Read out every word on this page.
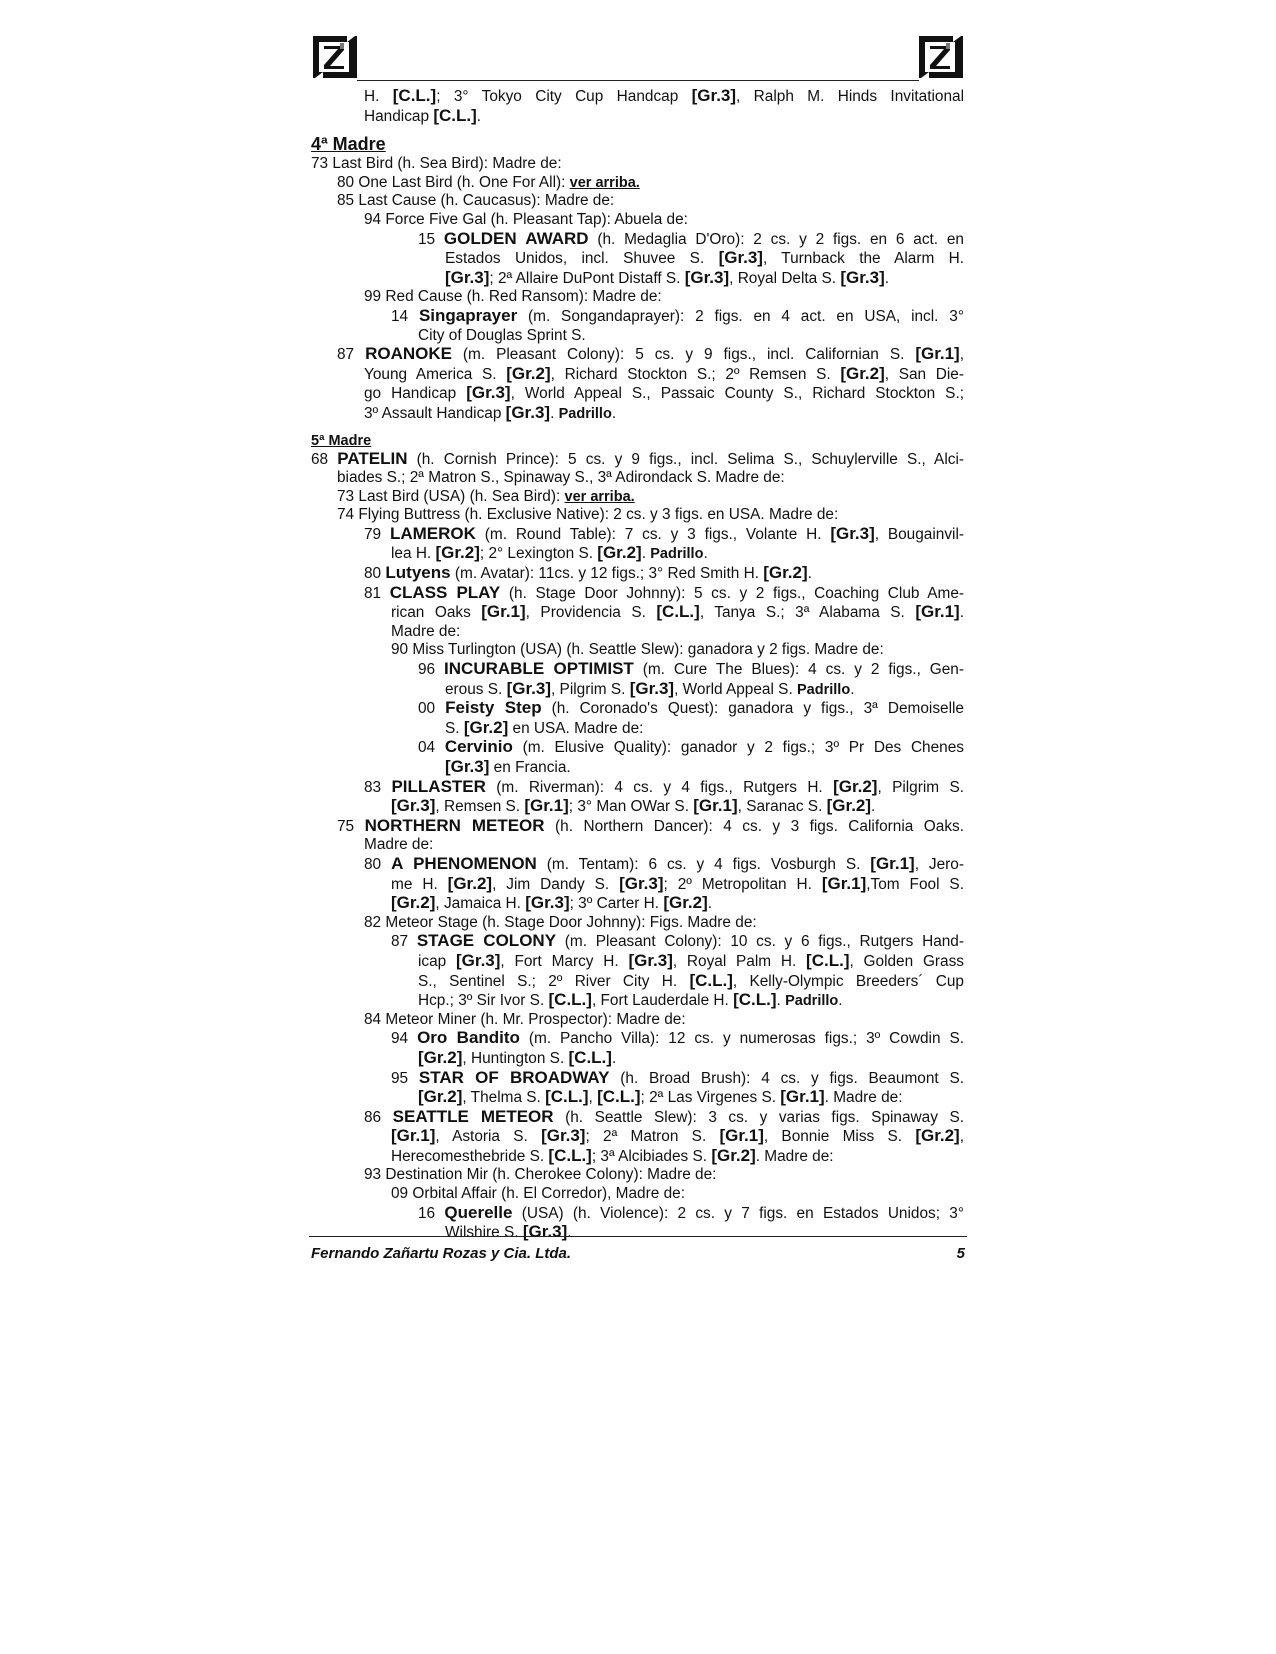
H. [C.L.]; 3° Tokyo City Cup Handcap [Gr.3], Ralph M. Hinds Invitational
Handicap [C.L.].
4ª Madre
73 Last Bird (h. Sea Bird): Madre de:
80 One Last Bird (h. One For All): ver arriba.
85 Last Cause (h. Caucasus): Madre de:
94 Force Five Gal (h. Pleasant Tap): Abuela de:
15 GOLDEN AWARD (h. Medaglia D'Oro): 2 cs. y 2 figs. en 6 act. en
Estados Unidos, incl. Shuvee S. [Gr.3], Turnback the Alarm H.
[Gr.3]; 2ª Allaire DuPont Distaff S. [Gr.3], Royal Delta S. [Gr.3].
99 Red Cause (h. Red Ransom): Madre de:
14 Singaprayer (m. Songandaprayer): 2 figs. en 4 act. en USA, incl. 3°
City of Douglas Sprint S.
87 ROANOKE (m. Pleasant Colony): 5 cs. y 9 figs., incl. Californian S. [Gr.1],
Young America S. [Gr.2], Richard Stockton S.; 2º Remsen S. [Gr.2], San Die-
go Handicap [Gr.3], World Appeal S., Passaic County S., Richard Stockton S.;
3º Assault Handicap [Gr.3]. Padrillo.
5ª Madre
68 PATELIN (h. Cornish Prince): 5 cs. y 9 figs., incl. Selima S., Schuylerville S., Alci-
biades S.; 2ª Matron S., Spinaway S., 3ª Adirondack S. Madre de:
73 Last Bird (USA) (h. Sea Bird): ver arriba.
74 Flying Buttress (h. Exclusive Native): 2 cs. y 3 figs. en USA. Madre de:
79 LAMEROK (m. Round Table): 7 cs. y 3 figs., Volante H. [Gr.3], Bougainvil-
lea H. [Gr.2]; 2° Lexington S. [Gr.2]. Padrillo.
80 Lutyens (m. Avatar): 11cs. y 12 figs.; 3° Red Smith H. [Gr.2].
81 CLASS PLAY (h. Stage Door Johnny): 5 cs. y 2 figs., Coaching Club Ame-
rican Oaks [Gr.1], Providencia S. [C.L.], Tanya S.; 3ª Alabama S. [Gr.1].
Madre de:
90 Miss Turlington (USA) (h. Seattle Slew): ganadora y 2 figs. Madre de:
96 INCURABLE OPTIMIST (m. Cure The Blues): 4 cs. y 2 figs., Gen-
erous S. [Gr.3], Pilgrim S. [Gr.3], World Appeal S. Padrillo.
00 Feisty Step (h. Coronado's Quest): ganadora y figs., 3ª Demoiselle
S. [Gr.2] en USA. Madre de:
04 Cervinio (m. Elusive Quality): ganador y 2 figs.; 3º Pr Des Chenes
[Gr.3] en Francia.
83 PILLASTER (m. Riverman): 4 cs. y 4 figs., Rutgers H. [Gr.2], Pilgrim S.
[Gr.3], Remsen S. [Gr.1]; 3° Man OWar S. [Gr.1], Saranac S. [Gr.2].
75 NORTHERN METEOR (h. Northern Dancer): 4 cs. y 3 figs. California Oaks.
Madre de:
80 A PHENOMENON (m. Tentam): 6 cs. y 4 figs. Vosburgh S. [Gr.1], Jero-
me H. [Gr.2], Jim Dandy S. [Gr.3]; 2º Metropolitan H. [Gr.1],Tom Fool S.
[Gr.2], Jamaica H. [Gr.3]; 3º Carter H. [Gr.2].
82 Meteor Stage (h. Stage Door Johnny): Figs. Madre de:
87 STAGE COLONY (m. Pleasant Colony): 10 cs. y 6 figs., Rutgers Hand-
icap [Gr.3], Fort Marcy H. [Gr.3], Royal Palm H. [C.L.], Golden Grass
S., Sentinel S.; 2º River City H. [C.L.], Kelly-Olympic Breeders´ Cup
Hcp.; 3º Sir Ivor S. [C.L.], Fort Lauderdale H. [C.L.]. Padrillo.
84 Meteor Miner (h. Mr. Prospector): Madre de:
94 Oro Bandito (m. Pancho Villa): 12 cs. y numerosas figs.; 3º Cowdin S.
[Gr.2], Huntington S. [C.L.].
95 STAR OF BROADWAY (h. Broad Brush): 4 cs. y figs. Beaumont S.
[Gr.2], Thelma S. [C.L.], [C.L.]; 2ª Las Virgenes S. [Gr.1]. Madre de:
86 SEATTLE METEOR (h. Seattle Slew): 3 cs. y varias figs. Spinaway S.
[Gr.1], Astoria S. [Gr.3]; 2ª Matron S. [Gr.1], Bonnie Miss S. [Gr.2],
Herecomesthebride S. [C.L.]; 3ª Alcibiades S. [Gr.2]. Madre de:
93 Destination Mir (h. Cherokee Colony): Madre de:
09 Orbital Affair (h. El Corredor), Madre de:
16 Querelle (USA) (h. Violence): 2 cs. y 7 figs. en Estados Unidos; 3°
Wilshire S. [Gr.3].
Fernando Zañartu Rozas y Cia. Ltda.	5
